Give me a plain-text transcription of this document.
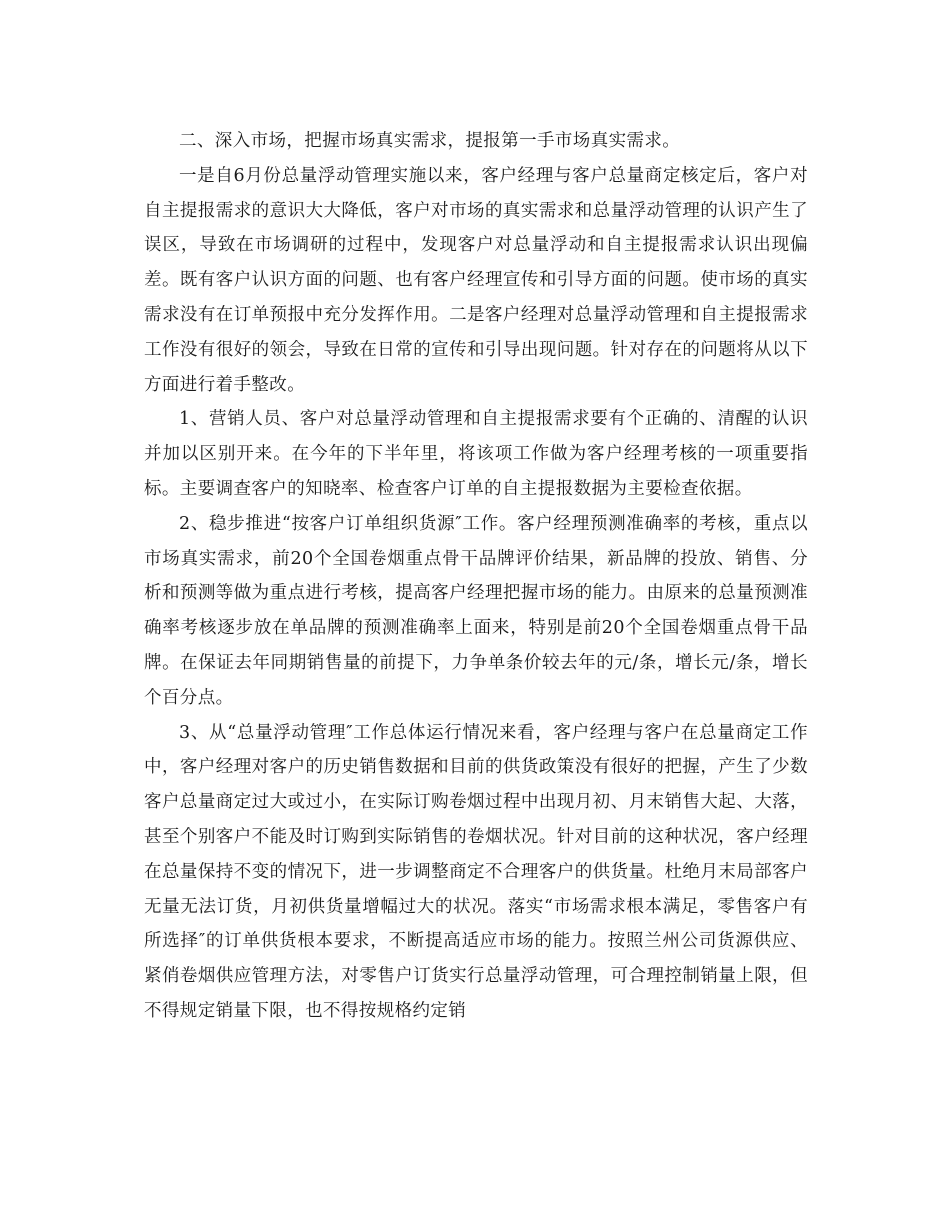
二、深入市场，把握市场真实需求，提报第一手市场真实需求。

一是自6月份总量浮动管理实施以来，客户经理与客户总量商定核定后，客户对自主提报需求的意识大大降低，客户对市场的真实需求和总量浮动管理的认识产生了误区，导致在市场调研的过程中，发现客户对总量浮动和自主提报需求认识出现偏差。既有客户认识方面的问题、也有客户经理宣传和引导方面的问题。使市场的真实需求没有在订单预报中充分发挥作用。二是客户经理对总量浮动管理和自主提报需求工作没有很好的领会，导致在日常的宣传和引导出现问题。针对存在的问题将从以下方面进行着手整改。

1、营销人员、客户对总量浮动管理和自主提报需求要有个正确的、清醒的认识并加以区别开来。在今年的下半年里，将该项工作做为客户经理考核的一项重要指标。主要调查客户的知晓率、检查客户订单的自主提报数据为主要检查依据。

2、稳步推进“按客户订单组织货源″工作。客户经理预测准确率的考核，重点以市场真实需求，前20个全国卷烟重点骨干品牌评价结果，新品牌的投放、销售、分析和预测等做为重点进行考核，提高客户经理把握市场的能力。由原来的总量预测准确率考核逐步放在单品牌的预测准确率上面来，特别是前20个全国卷烟重点骨干品牌。在保证去年同期销售量的前提下，力争单条价较去年的元/条，增长元/条，增长个百分点。

3、从“总量浮动管理″工作总体运行情况来看，客户经理与客户在总量商定工作中，客户经理对客户的历史销售数据和目前的供货政策没有很好的把握，产生了少数客户总量商定过大或过小，在实际订购卷烟过程中出现月初、月末销售大起、大落，甚至个别客户不能及时订购到实际销售的卷烟状况。针对目前的这种状况，客户经理在总量保持不变的情况下，进一步调整商定不合理客户的供货量。杜绝月末局部客户无量无法订货，月初供货量增幅过大的状况。落实“市场需求根本满足，零售客户有所选择″的订单供货根本要求，不断提高适应市场的能力。按照兰州公司货源供应、紧俏卷烟供应管理方法，对零售户订货实行总量浮动管理，可合理控制销量上限，但不得规定销量下限，也不得按规格约定销
